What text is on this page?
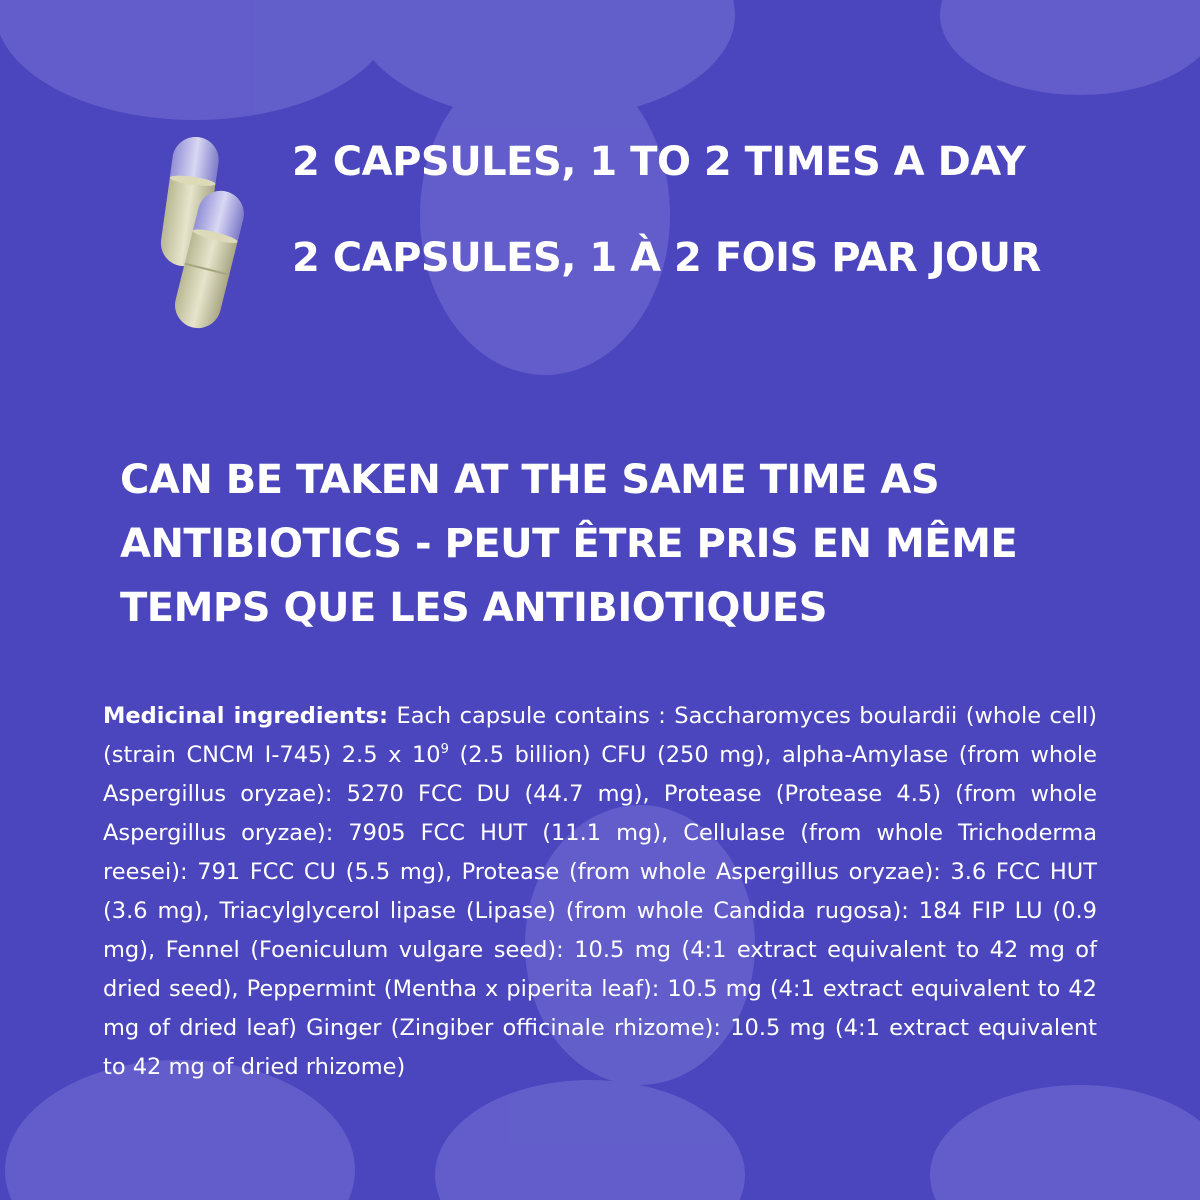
2 CAPSULES, 1 TO 2 TIMES A DAY
2 CAPSULES, 1 À 2 FOIS PAR JOUR

CAN BE TAKEN AT THE SAME TIME AS ANTIBIOTICS - PEUT ÊTRE PRIS EN MÊME TEMPS QUE LES ANTIBIOTIQUES

Medicinal ingredients: Each capsule contains : Saccharomyces boulardii (whole cell) (strain CNCM I-745) 2.5 x $10^9$ (2.5 billion) CFU (250 mg), alpha-Amylase (from whole Aspergillus oryzae): 5270 FCC DU (44.7 mg), Protease (Protease 4.5) (from whole Aspergillus oryzae): 7905 FCC HUT (11.1 mg), Cellulase (from whole Trichoderma reesei): 791 FCC CU (5.5 mg), Protease (from whole Aspergillus oryzae): 3.6 FCC HUT (3.6 mg), Triacylglycerol lipase (Lipase) (from whole Candida rugosa): 184 FIP LU (0.9 mg), Fennel (Foeniculum vulgare seed): 10.5 mg (4:1 extract equivalent to 42 mg of dried seed), Peppermint (Mentha x piperita leaf): 10.5 mg (4:1 extract equivalent to 42 mg of dried leaf) Ginger (Zingiber officinale rhizome): 10.5 mg (4:1 extract equivalent to 42 mg of dried rhizome)
